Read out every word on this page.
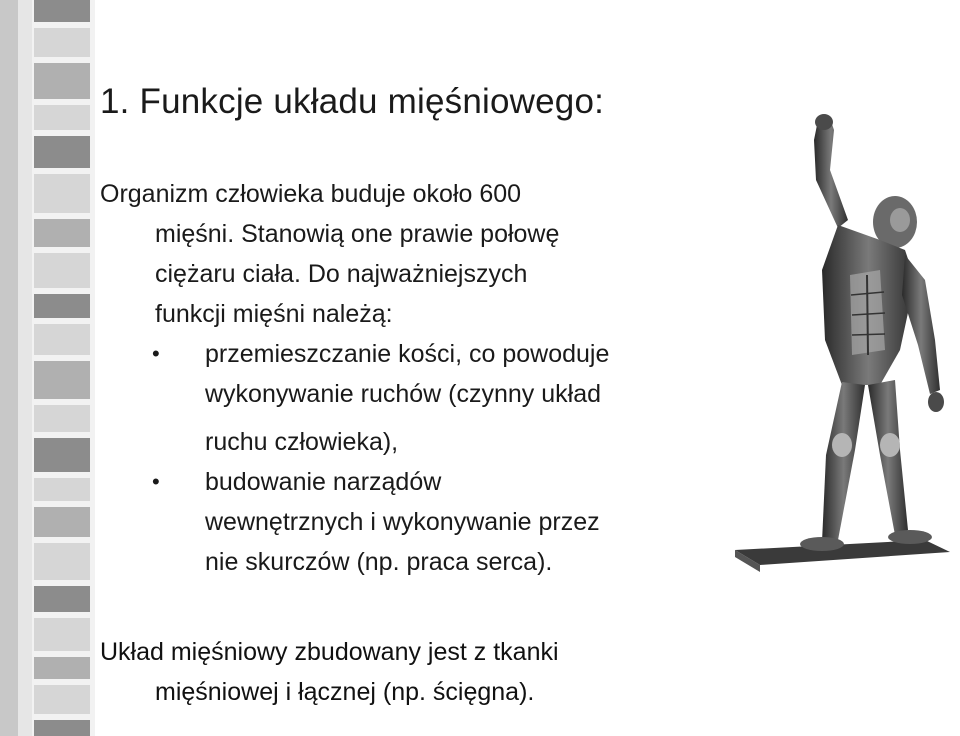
1. Funkcje układu mięśniowego:

Organizm człowieka buduje około 600
mięśni. Stanowią one prawie połowę
ciężaru ciała. Do najważniejszych
funkcji mięśni należą:

• przemieszczanie kości, co powoduje
wykonywanie ruchów (czynny układ
ruchu człowieka),
• budowanie narządów
wewnętrznych i wykonywanie przez
nie skurczów (np. praca serca).

Układ mięśniowy zbudowany jest z tkanki
mięśniowej i łącznej (np. ścięgna).
